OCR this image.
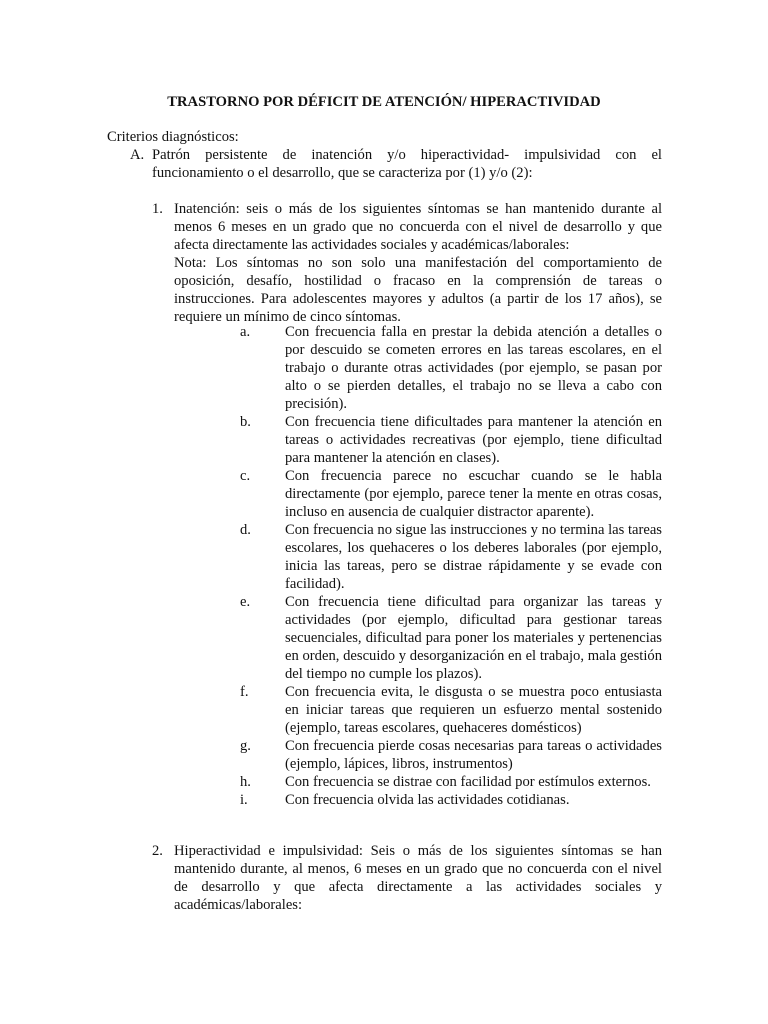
TRASTORNO POR DÉFICIT DE ATENCIÓN/ HIPERACTIVIDAD
Criterios diagnósticos:
A. Patrón persistente de inatención y/o hiperactividad- impulsividad con el funcionamiento o el desarrollo, que se caracteriza por (1) y/o (2):
1. Inatención: seis o más de los siguientes síntomas se han mantenido durante al menos 6 meses en un grado que no concuerda con el nivel de desarrollo y que afecta directamente las actividades sociales y académicas/laborales:
Nota: Los síntomas no son solo una manifestación del comportamiento de oposición, desafío, hostilidad o fracaso en la comprensión de tareas o instrucciones. Para adolescentes mayores y adultos (a partir de los 17 años), se requiere un mínimo de cinco síntomas.
a. Con frecuencia falla en prestar la debida atención a detalles o por descuido se cometen errores en las tareas escolares, en el trabajo o durante otras actividades (por ejemplo, se pasan por alto o se pierden detalles, el trabajo no se lleva a cabo con precisión).
b. Con frecuencia tiene dificultades para mantener la atención en tareas o actividades recreativas (por ejemplo, tiene dificultad para mantener la atención en clases).
c. Con frecuencia parece no escuchar cuando se le habla directamente (por ejemplo, parece tener la mente en otras cosas, incluso en ausencia de cualquier distractor aparente).
d. Con frecuencia no sigue las instrucciones y no termina las tareas escolares, los quehaceres o los deberes laborales (por ejemplo, inicia las tareas, pero se distrae rápidamente y se evade con facilidad).
e. Con frecuencia tiene dificultad para organizar las tareas y actividades (por ejemplo, dificultad para gestionar tareas secuenciales, dificultad para poner los materiales y pertenencias en orden, descuido y desorganización en el trabajo, mala gestión del tiempo no cumple los plazos).
f. Con frecuencia evita, le disgusta o se muestra poco entusiasta en iniciar tareas que requieren un esfuerzo mental sostenido (ejemplo, tareas escolares, quehaceres domésticos)
g. Con frecuencia pierde cosas necesarias para tareas o actividades (ejemplo, lápices, libros, instrumentos)
h. Con frecuencia se distrae con facilidad por estímulos externos.
i.	Con frecuencia olvida las actividades cotidianas.
2. Hiperactividad e impulsividad: Seis o más de los siguientes síntomas se han mantenido durante, al menos, 6 meses en un grado que no concuerda con el nivel de desarrollo y que afecta directamente a las actividades sociales y académicas/laborales:
